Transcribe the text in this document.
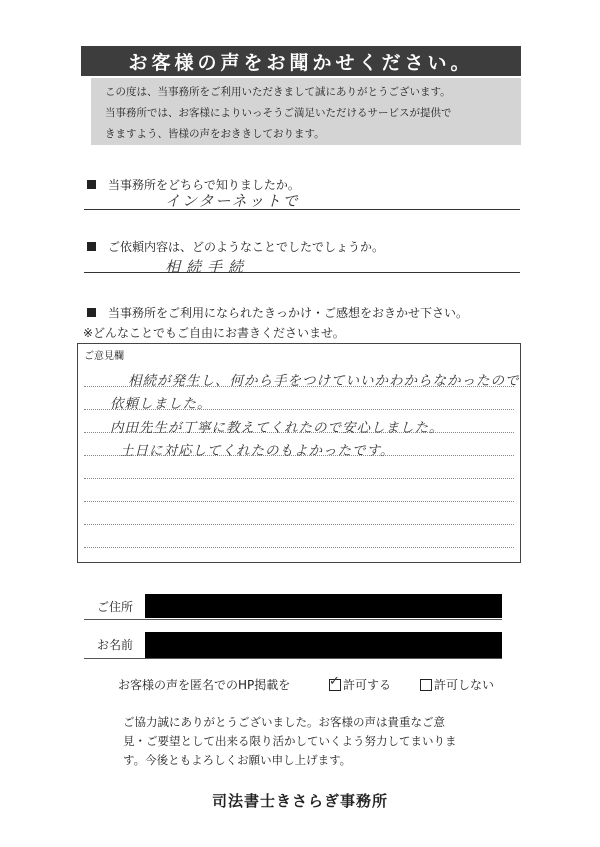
お客様の声をお聞かせください。
この度は、当事務所をご利用いただきまして誠にありがとうございます。
当事務所では、お客様によりいっそうご満足いただけるサービスが提供で
きますよう、皆様の声をおききしております。
当事務所をどちらで知りましたか。
インターネットで
ご依頼内容は、どのようなことでしたでしょうか。
相続手続
当事務所をご利用になられたきっかけ・ご感想をおきかせ下さい。
※どんなことでもご自由にお書きくださいませ。
ご意見欄
相続が発生し、何から手をつけていいかわからなかったので
依頼しました。
内田先生が丁寧に教えてくれたので安心しました。
土日に対応してくれたのもよかったです。
ご住所
お名前
お客様の声を匿名でのHP掲載を	✓ 許可する	許可しない
ご協力誠にありがとうございました。お客様の声は貴重なご意
見・ご要望として出来る限り活かしていくよう努力してまいりま
す。今後ともよろしくお願い申し上げます。
司法書士きさらぎ事務所
